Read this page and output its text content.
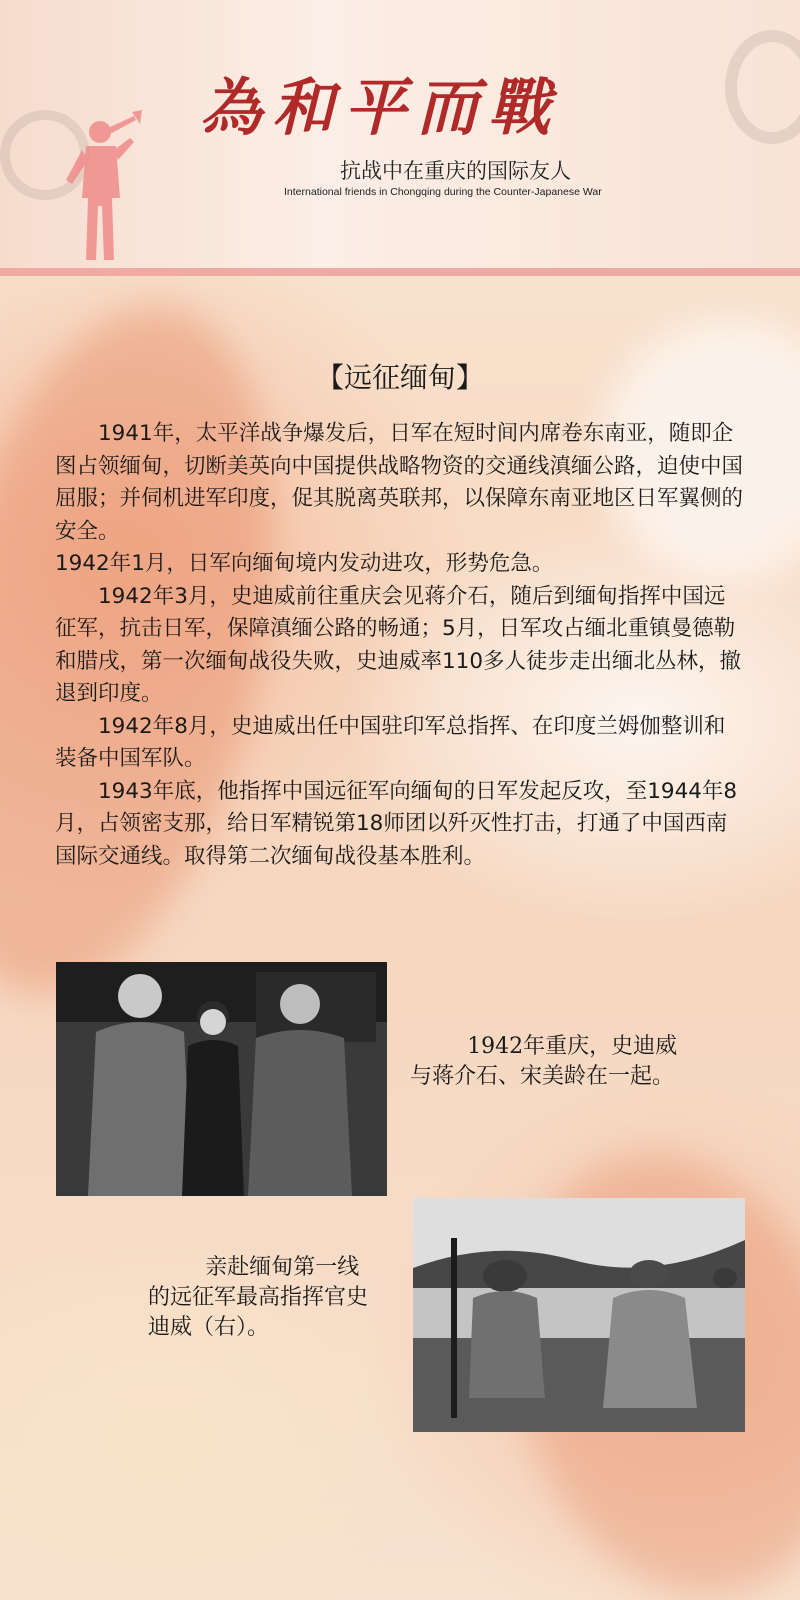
為和平而戰

抗战中在重庆的国际友人

International friends in Chongqing during the Counter-Japanese War

【远征缅甸】

1941年，太平洋战争爆发后，日军在短时间内席卷东南亚，随即企图占领缅甸，切断美英向中国提供战略物资的交通线滇缅公路，迫使中国屈服；并伺机进军印度，促其脱离英联邦，以保障东南亚地区日军翼侧的安全。

1942年1月，日军向缅甸境内发动进攻，形势危急。

1942年3月，史迪威前往重庆会见蒋介石，随后到缅甸指挥中国远征军，抗击日军，保障滇缅公路的畅通；5月，日军攻占缅北重镇曼德勒和腊戌，第一次缅甸战役失败，史迪威率110多人徒步走出缅北丛林，撤退到印度。

1942年8月，史迪威出任中国驻印军总指挥、在印度兰姆伽整训和装备中国军队。

1943年底，他指挥中国远征军向缅甸的日军发起反攻，至1944年8月，占领密支那，给日军精锐第18师团以歼灭性打击，打通了中国西南国际交通线。取得第二次缅甸战役基本胜利。

1942年重庆，史迪威与蒋介石、宋美龄在一起。

亲赴缅甸第一线的远征军最高指挥官史迪威（右）。
